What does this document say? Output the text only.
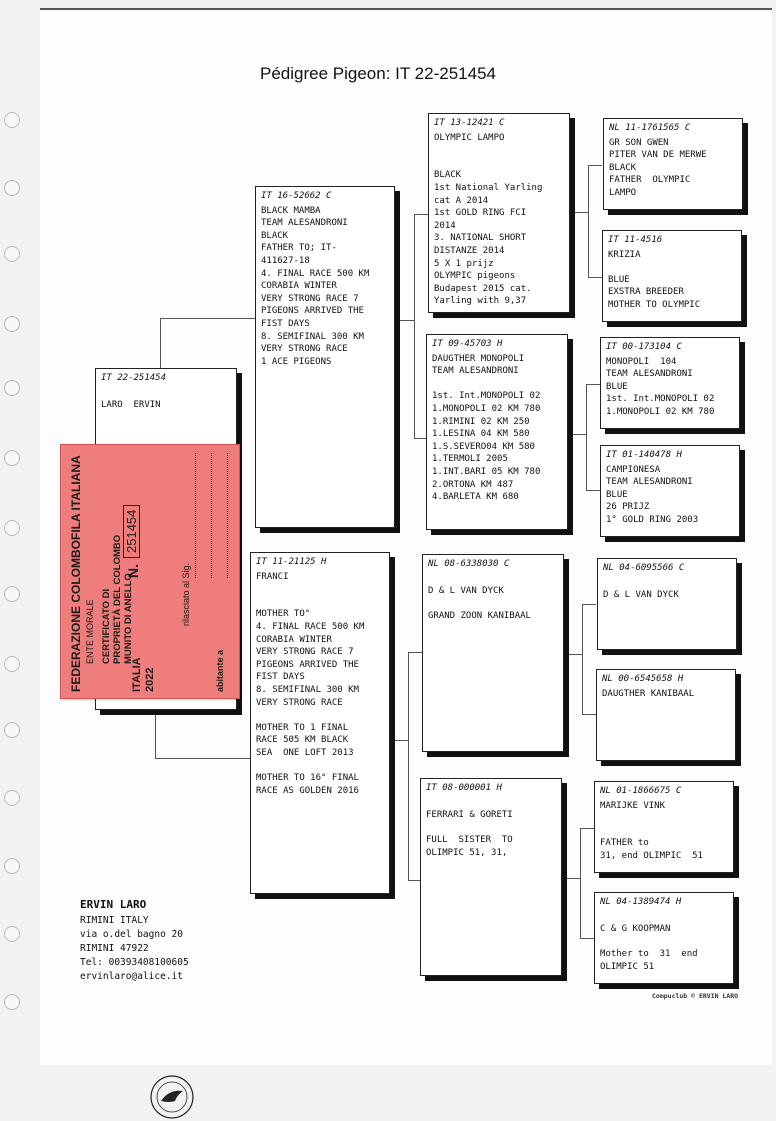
Pédigree Pigeon: IT 22-251454
IT 22-251454
LARO  ERVIN
IT 16-52662 C
BLACK MAMBA
TEAM ALESANDRONI
BLACK
FATHER TO; IT-
411627-18
4. FINAL RACE 500 KM
CORABIA WINTER
VERY STRONG RACE 7
PIGEONS ARRIVED THE
FIST DAYS
8. SEMIFINAL 300 KM
VERY STRONG RACE
1 ACE PIGEONS
IT 11-21125 H
FRANCI
MOTHER TO°
4. FINAL RACE 500 KM
CORABIA WINTER
VERY STRONG RACE 7
PIGEONS ARRIVED THE
FIST DAYS
8. SEMIFINAL 300 KM
VERY STRONG RACE
MOTHER TO 1 FINAL
RACE 505 KM BLACK
SEA  ONE LOFT 2013
MOTHER TO 16° FINAL
RACE AS GOLDEN 2016
IT 13-12421 C
OLYMPIC LAMPO
BLACK
1st National Yarling
cat A 2014
1st GOLD RING FCI
2014
3. NATIONAL SHORT
DISTANZE 2014
5 X 1 prijz
OLYMPIC pigeons
Budapest 2015 cat.
Yarling with 9,37
IT 09-45703 H
DAUGTHER MONOPOLI
TEAM ALESANDRONI
1st. Int.MONOPOLI 02
1.MONOPOLI 02 KM 780
1.RIMINI 02 KM 250
1.LESINA 04 KM 580
1.S.SEVERO04 KM 580
1.TERMOLI 2005
1.INT.BARI 05 KM 780
2.ORTONA KM 487
4.BARLETA KM 680
NL 08-6338030 C
D & L VAN DYCK
GRAND ZOON KANIBAAL
IT 08-000001 H
FERRARI & GORETI
FULL  SISTER  TO
OLIMPIC 51, 31,
NL 11-1761565 C
GR SON GWEN
PITER VAN DE MERWE
BLACK
FATHER  OLYMPIC
LAMPO
IT 11-4516
KRIZIA
BLUE
EXSTRA BREEDER
MOTHER TO OLYMPIC
IT 00-173104 C
MONOPOLI  104
TEAM ALESANDRONI
BLUE
1st. Int.MONOPOLI 02
1.MONOPOLI 02 KM 780
IT 01-140478 H
CAMPIONESA
TEAM ALESANDRONI
BLUE
26 PRIJZ
1° GOLD RING 2003
NL 04-6095566 C
D & L VAN DYCK
NL 00-6545658 H
DAUGTHER KANIBAAL
NL 01-1866675 C
MARIJKE VINK
FATHER to
31, end OLIMPIC  51
NL 04-1389474 H
C & G KOOPMAN
Mother to  31  end
OLIMPIC 51
FEDERAZIONE COLOMBOFILA ITALIANA ENTE MORALE CERTIFICATO DI PROPRIETÀ DEL COLOMBO MUNITO DI ANELLO
ITALIA 2022
N.
251454
rilasciato al Sig.
abitante a
ERVIN LARO
RIMINI ITALY
via o.del bagno 20
RIMINI 47922
Tel: 00393408100605
ervinlaro@alice.it
Compuclub © ERVIN LARO
